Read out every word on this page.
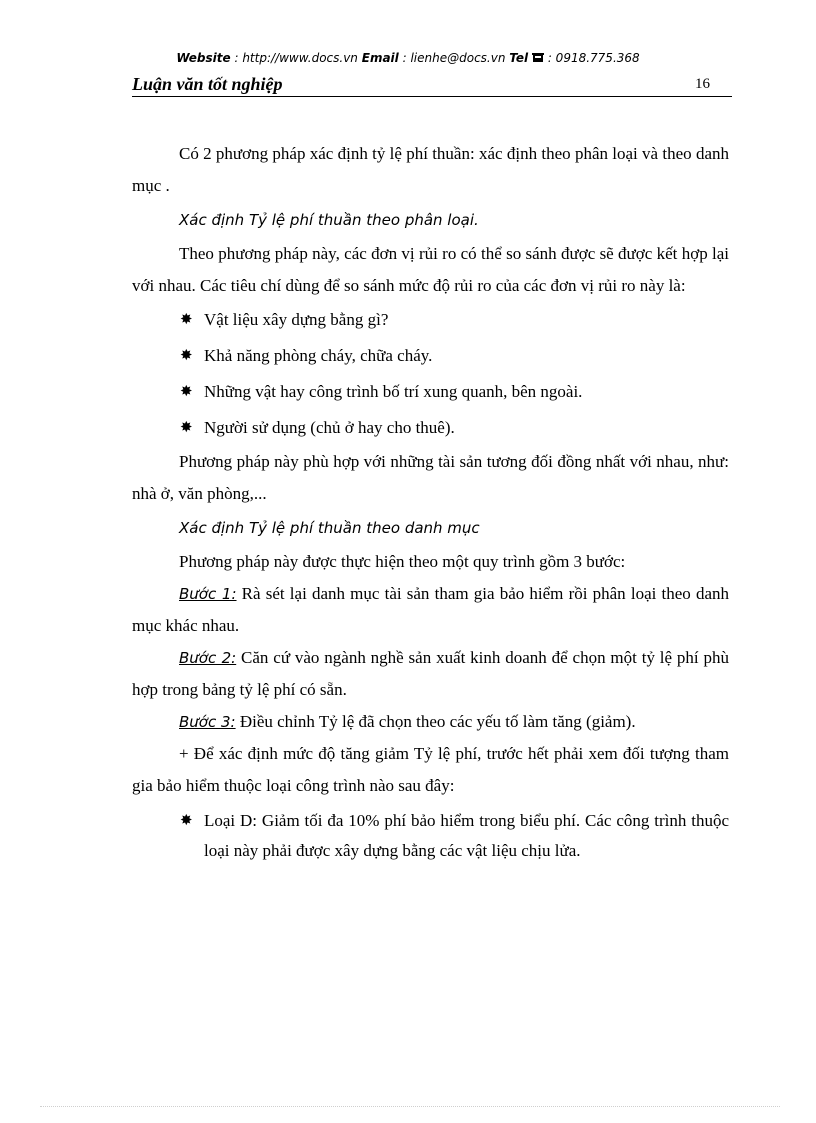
Website : http://www.docs.vn Email : lienhe@docs.vn Tel : 0918.775.368
Luận văn tốt nghiệp	16

Có 2 phương pháp xác định tỷ lệ phí thuần: xác định theo phân loại và theo danh mục .

Xác định Tỷ lệ phí thuần theo phân loại.

Theo phương pháp này, các đơn vị rủi ro có thể so sánh được sẽ được kết hợp lại với nhau. Các tiêu chí dùng để so sánh mức độ rủi ro của các đơn vị rủi ro này là:

✸ Vật liệu xây dựng bằng gì?
✸ Khả năng phòng cháy, chữa cháy.
✸ Những vật hay công trình bố trí xung quanh, bên ngoài.
✸ Người sử dụng (chủ ở hay cho thuê).

Phương pháp này phù hợp với những tài sản tương đối đồng nhất với nhau, như: nhà ở, văn phòng,...

Xác định Tỷ lệ phí thuần theo danh mục

Phương pháp này được thực hiện theo một quy trình gồm 3 bước:

Bước 1: Rà sét lại danh mục tài sản tham gia bảo hiểm rồi phân loại theo danh mục khác nhau.

Bước 2: Căn cứ vào ngành nghề sản xuất kinh doanh để chọn một tỷ lệ phí phù hợp trong bảng tỷ lệ phí có sẵn.

Bước 3: Điều chỉnh Tỷ lệ đã chọn theo các yếu tố làm tăng (giảm).

+ Để xác định mức độ tăng giảm Tỷ lệ phí, trước hết phải xem đối tượng tham gia bảo hiểm thuộc loại công trình nào sau đây:

✸ Loại D: Giảm tối đa 10% phí bảo hiểm trong biểu phí. Các công trình thuộc loại này phải được xây dựng bằng các vật liệu chịu lửa.
